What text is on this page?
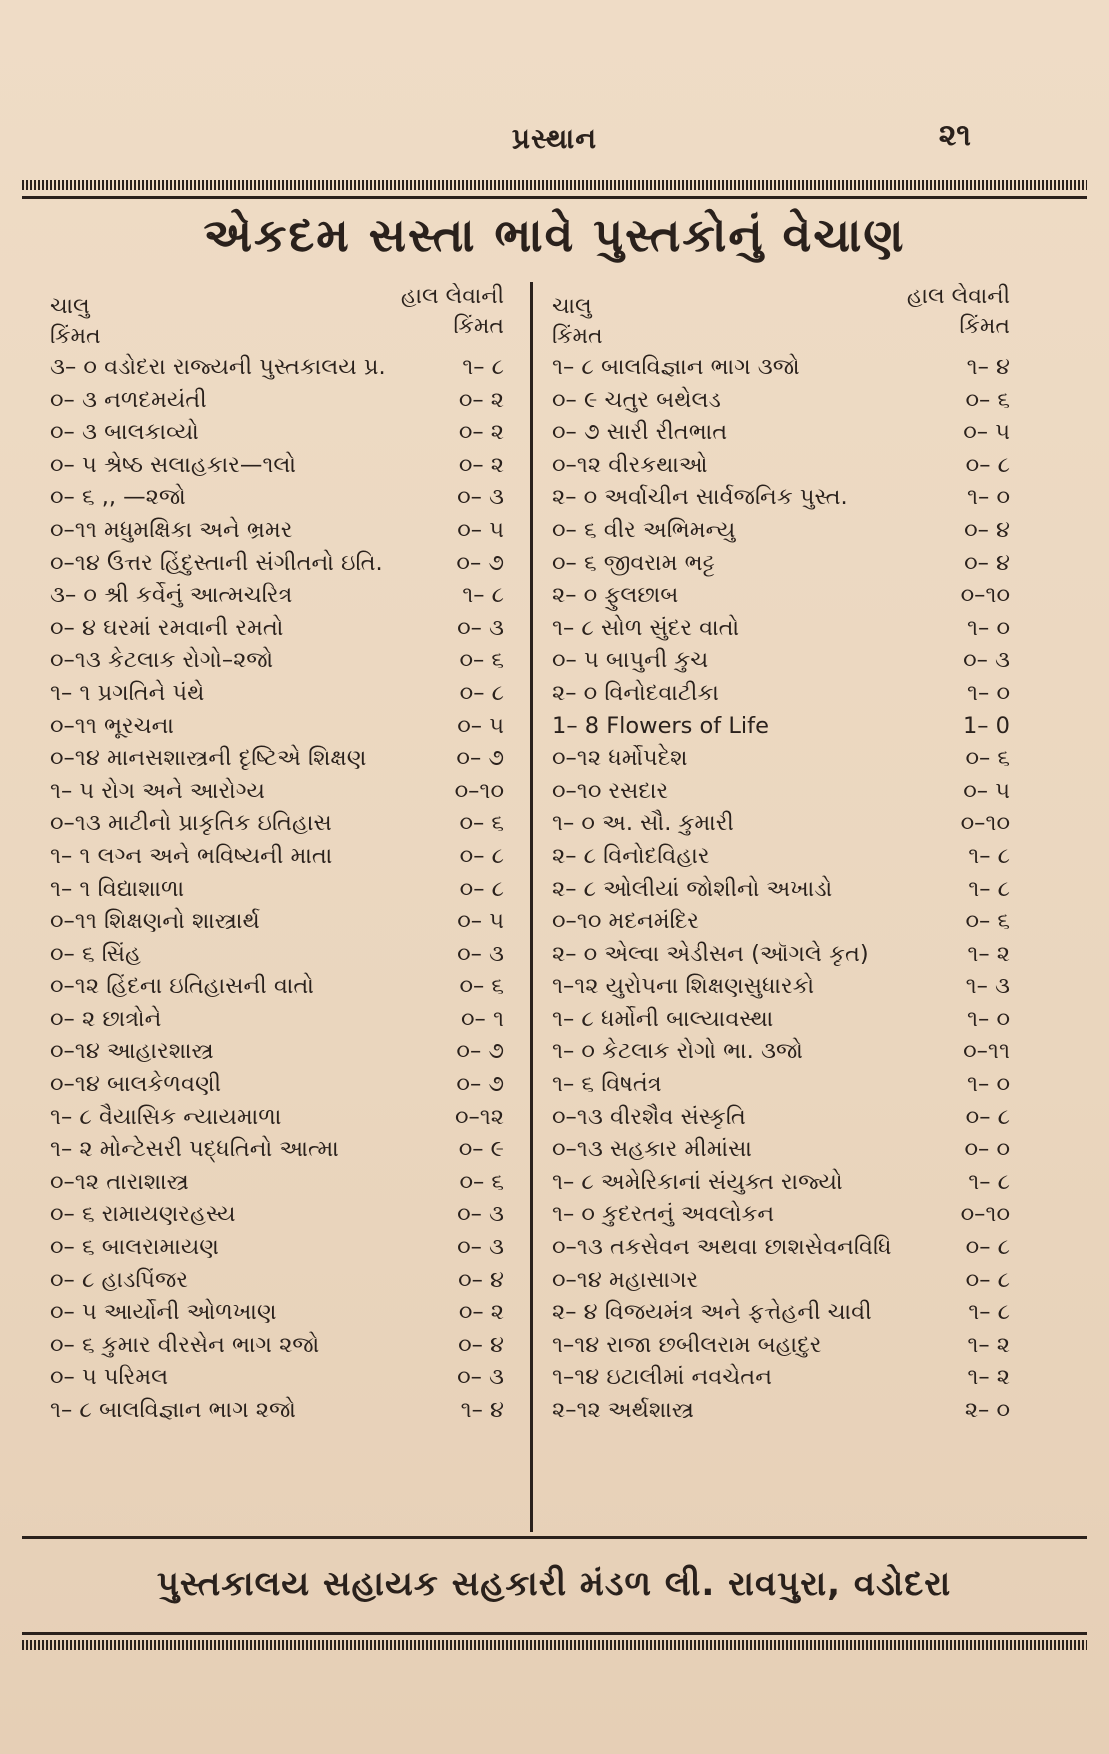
પ્રસ્થાન	૨૧
એકદમ સસ્તા ભાવે પુસ્તકોનું વેચાણ
ચાલુ
કિંમત
હાલ લેવાની
કિંમત
૩– ૦ વડોદરા રાજ્યની પુસ્તકાલય પ્ર.	૧– ૮
૦– ૩ નળદમયંતી	૦– ૨
૦– ૩ બાલકાવ્યો	૦– ૨
૦– ૫ શ્રેષ્ઠ સલાહકાર—૧લો	૦– ૨
૦– ૬ ,, —૨જો	૦– ૩
૦–૧૧ મધુમક્ષિકા અને ભ્રમર	૦– ૫
૦–૧૪ ઉત્તર હિંદુસ્તાની સંગીતનો ઇતિ.	૦– ૭
૩– ૦ શ્રી કર્વેનું આત્મચરિત્ર	૧– ૮
૦– ૪ ઘરમાં રમવાની રમતો	૦– ૩
૦–૧૩ કેટલાક રોગો–૨જો	૦– ૬
૧– ૧ પ્રગતિને પંથે	૦– ૮
૦–૧૧ ભૂરચના	૦– ૫
૦–૧૪ માનસશાસ્ત્રની દૃષ્ટિએ શિક્ષણ	૦– ૭
૧– ૫ રોગ અને આરોગ્ય	૦–૧૦
૦–૧૩ માટીનો પ્રાકૃતિક ઇતિહાસ	૦– ૬
૧– ૧ લગ્ન અને ભવિષ્યની માતા	૦– ૮
૧– ૧ વિદ્યાશાળા	૦– ૮
૦–૧૧ શિક્ષણનો શાસ્ત્રાર્થ	૦– ૫
૦– ૬ સિંહ	૦– ૩
૦–૧૨ હિંદના ઇતિહાસની વાતો	૦– ૬
૦– ૨ છાત્રોને	૦– ૧
૦–૧૪ આહારશાસ્ત્ર	૦– ૭
૦–૧૪ બાલકેળવણી	૦– ૭
૧– ૮ વૈયાસિક ન્યાયમાળા	૦–૧૨
૧– ૨ મોન્ટેસરી પદ્ધતિનો આત્મા	૦– ૯
૦–૧૨ તારાશાસ્ત્ર	૦– ૬
૦– ૬ રામાયણરહસ્ય	૦– ૩
૦– ૬ બાલરામાયણ	૦– ૩
૦– ૮ હાડપિંજર	૦– ૪
૦– ૫ આર્યોની ઓળખાણ	૦– ૨
૦– ૬ કુમાર વીરસેન ભાગ ૨જો	૦– ૪
૦– ૫ પરિમલ	૦– ૩
૧– ૮ બાલવિજ્ઞાન ભાગ ૨જો	૧– ૪
ચાલુ
કિંમત
હાલ લેવાની
કિંમત
૧– ૮ બાલવિજ્ઞાન ભાગ ૩જો	૧– ૪
૦– ૯ ચતુર બથેલડ	૦– ૬
૦– ૭ સારી રીતભાત	૦– ૫
૦–૧૨ વીરકથાઓ	૦– ૮
૨– ૦ અર્વાચીન સાર્વજનિક પુસ્ત.	૧– ૦
૦– ૬ વીર અભિમન્યુ	૦– ૪
૦– ૬ જીવરામ ભટ્ટ	૦– ૪
૨– ૦ ફુલછાબ	૦–૧૦
૧– ૮ સોળ સુંદર વાતો	૧– ૦
૦– ૫ બાપુની કુચ	૦– ૩
૨– ૦ વિનોદવાટીકા	૧– ૦
1– 8 Flowers of Life	1– 0
૦–૧૨ ધર્મોપદેશ	૦– ૬
૦–૧૦ રસદાર	૦– ૫
૧– ૦ અ. સૌ. કુમારી	૦–૧૦
૨– ૮ વિનોદવિહાર	૧– ૮
૨– ૮ ઓલીયાં જોશીનો અખાડો	૧– ૮
૦–૧૦ મદનમંદિર	૦– ૬
૨– ૦ એલ્વા એડીસન (ઑગલે કૃત)	૧– ૨
૧–૧૨ યુરોપના શિક્ષણસુધારકો	૧– ૩
૧– ૮ ધર્મોની બાલ્યાવસ્થા	૧– ૦
૧– ૦ કેટલાક રોગો ભા. ૩જો	૦–૧૧
૧– ૬ વિષતંત્ર	૧– ૦
૦–૧૩ વીરશૈવ સંસ્કૃતિ	૦– ૮
૦–૧૩ સહકાર મીમાંસા	૦– ૦
૧– ૮ અમેરિકાનાં સંયુક્ત રાજ્યો	૧– ૮
૧– ૦ કુદરતનું અવલોકન	૦–૧૦
૦–૧૩ તકસેવન અથવા છાશસેવનવિધિ	૦– ૮
૦–૧૪ મહાસાગર	૦– ૮
૨– ૪ વિજયમંત્ર અને ફત્તેહની ચાવી	૧– ૮
૧–૧૪ રાજા છબીલરામ બહાદુર	૧– ૨
૧–૧૪ ઇટાલીમાં નવચેતન	૧– ૨
૨–૧૨ અર્થશાસ્ત્ર	૨– ૦
પુસ્તકાલય સહાયક સહકારી મંડળ લી. રાવપુરા, વડોદરા
